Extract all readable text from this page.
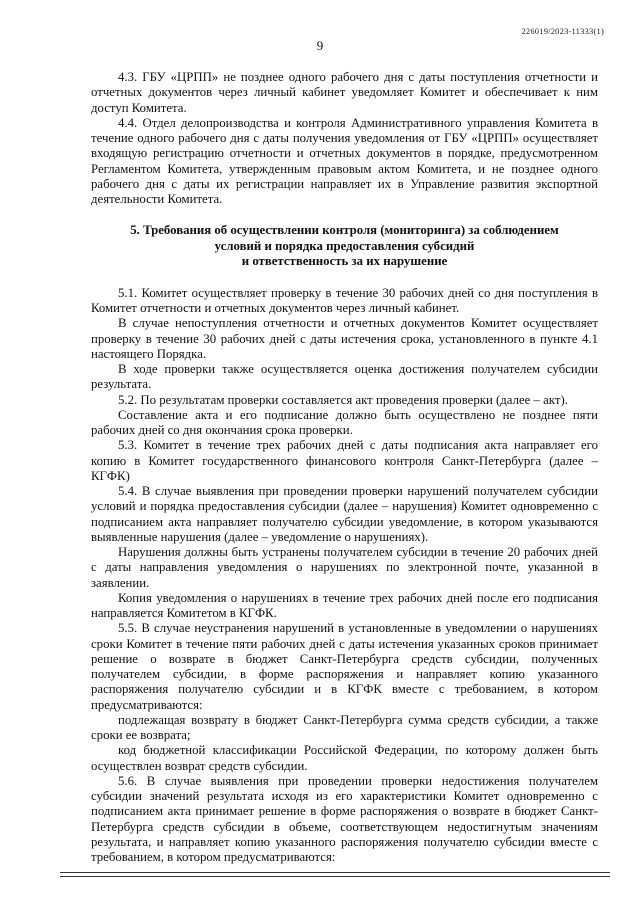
226019/2023-11333(1)
9

4.3. ГБУ «ЦРПП» не позднее одного рабочего дня с даты поступления отчетности и отчетных документов через личный кабинет уведомляет Комитет и обеспечивает к ним доступ Комитета.

4.4. Отдел делопроизводства и контроля Административного управления Комитета в течение одного рабочего дня с даты получения уведомления от ГБУ «ЦРПП» осуществляет входящую регистрацию отчетности и отчетных документов в порядке, предусмотренном Регламентом Комитета, утвержденным правовым актом Комитета, и не позднее одного рабочего дня с даты их регистрации направляет их в Управление развития экспортной деятельности Комитета.

5. Требования об осуществлении контроля (мониторинга) за соблюдением
условий и порядка предоставления субсидий
и ответственность за их нарушение

5.1. Комитет осуществляет проверку в течение 30 рабочих дней со дня поступления в Комитет отчетности и отчетных документов через личный кабинет.

В случае непоступления отчетности и отчетных документов Комитет осуществляет проверку в течение 30 рабочих дней с даты истечения срока, установленного в пункте 4.1 настоящего Порядка.

В ходе проверки также осуществляется оценка достижения получателем субсидии результата.

5.2. По результатам проверки составляется акт проведения проверки (далее – акт).

Составление акта и его подписание должно быть осуществлено не позднее пяти рабочих дней со дня окончания срока проверки.

5.3. Комитет в течение трех рабочих дней с даты подписания акта направляет его копию в Комитет государственного финансового контроля Санкт-Петербурга (далее – КГФК)

5.4. В случае выявления при проведении проверки нарушений получателем субсидии условий и порядка предоставления субсидии (далее – нарушения) Комитет одновременно с подписанием акта направляет получателю субсидии уведомление, в котором указываются выявленные нарушения (далее – уведомление о нарушениях).

Нарушения должны быть устранены получателем субсидии в течение 20 рабочих дней с даты направления уведомления о нарушениях по электронной почте, указанной в заявлении.

Копия уведомления о нарушениях в течение трех рабочих дней после его подписания направляется Комитетом в КГФК.

5.5. В случае неустранения нарушений в установленные в уведомлении о нарушениях сроки Комитет в течение пяти рабочих дней с даты истечения указанных сроков принимает решение о возврате в бюджет Санкт-Петербурга средств субсидии, полученных получателем субсидии, в форме распоряжения и направляет копию указанного распоряжения получателю субсидии и в КГФК вместе с требованием, в котором предусматриваются:

подлежащая возврату в бюджет Санкт-Петербурга сумма средств субсидии, а также сроки ее возврата;

код бюджетной классификации Российской Федерации, по которому должен быть осуществлен возврат средств субсидии.

5.6. В случае выявления при проведении проверки недостижения получателем субсидии значений результата исходя из его характеристики Комитет одновременно с подписанием акта принимает решение в форме распоряжения о возврате в бюджет Санкт-Петербурга средств субсидии в объеме, соответствующем недостигнутым значениям результата, и направляет копию указанного распоряжения получателю субсидии вместе с требованием, в котором предусматриваются:
